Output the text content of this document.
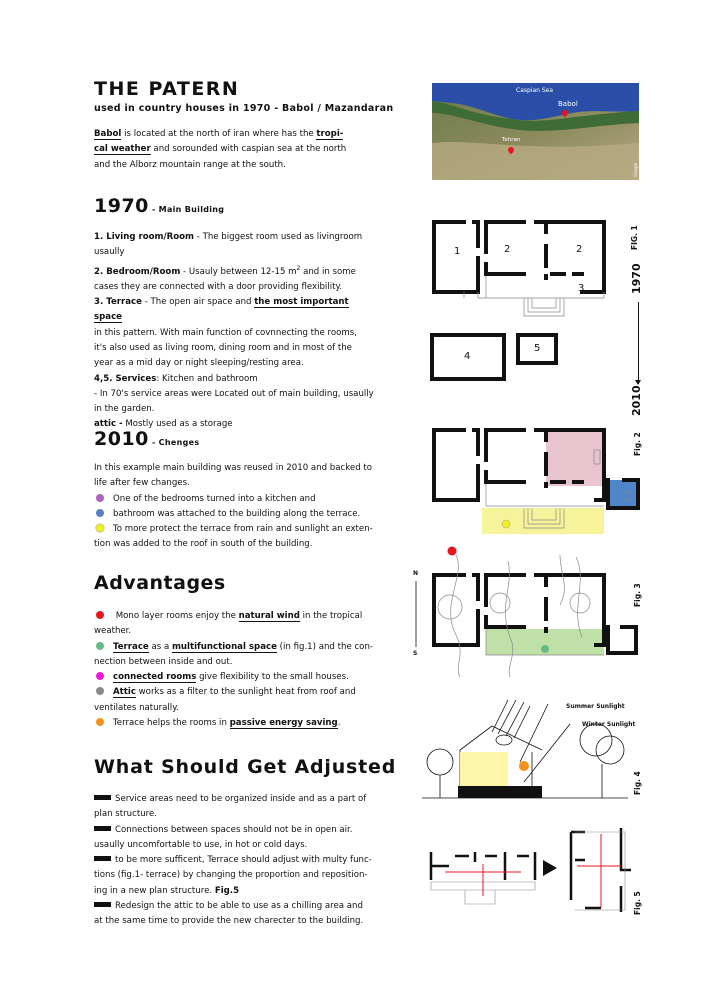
THE PATERN
used in country houses in 1970 - Babol / Mazandaran

Babol is located at the north of iran where has the tropi-

cal weather and sorounded with caspian sea at the north

and the Alborz mountain range at the south.

1970 - Main Building

1. Living room/Room - The biggest room used as livingroom

usaully

2. Bedroom/Room - Usauly between 12-15 $m^2$ and in some

cases they are connected with a door providing flexibility.

3. Terrace - The open air space and the most important space

in this pattern. With main function of covnnecting the rooms,

it's also used as living room, dining room and in most of the

year as a mid day or night sleeping/resting area.

4,5. Services: Kitchen and bathroom

- In 70's service areas were Located out of main building, usaully

in the garden.

attic - Mostly used as a storage

2010 - Chenges

In this example main building was reused in 2010 and backed to

life after few changes.

One of the bedrooms turned into a kitchen and

bathroom was attached to the building along the terrace.

To more protect the terrace from rain and sunlight an exten-

tion was added to the roof in south of the building.

Advantages

Mono layer rooms enjoy the natural wind in the tropical

weather.

Terrace as a multifunctional space (in fig.1) and the con-

nection between inside and out.

connected rooms give flexibility to the small houses.

Attic works as a filter to the sunlight heat from roof and

ventilates naturally.

Terrace helps the rooms in passive energy saving.

What Should Get Adjusted

Service areas need to be organized inside and as a part of

plan structure.

Connections between spaces should not be in open air.

usaully uncomfortable to use, in hot or cold days.

to be more sufficent, Terrace should adjust with multy func-

tions (fig.1- terrace) by changing the proportion and reposition-

ing in a new plan structure. Fig.5

Redesign the attic to be able to use as a chilling area and

at the same time to provide the new charecter to the building.

Caspian Sea
Babol
Tehran
Google
1	2	2
3
4
5
FIG. 1
1970
2010
Fig. 2
N
S
Fig. 3
Summer Sunlight
Winter Sunlight
Fig. 4
Fig. 5
